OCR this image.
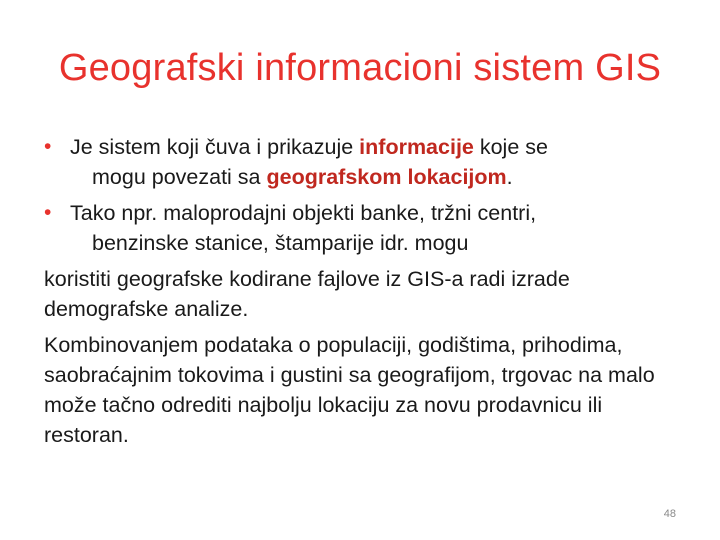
Geografski informacioni sistem GIS
• Je sistem koji čuva i prikazuje informacije koje se
mogu povezati sa geografskom lokacijom.
• Tako npr. maloprodajni objekti banke, tržni centri,
benzinske stanice, štamparije idr. mogu

koristiti geografske kodirane fajlove iz GIS-a radi izrade demografske analize.

Kombinovanjem podataka o populaciji, godištima, prihodima, saobraćajnim tokovima i gustini sa geografijom, trgovac na malo može tačno odrediti najbolju lokaciju za novu prodavnicu ili restoran.

48
